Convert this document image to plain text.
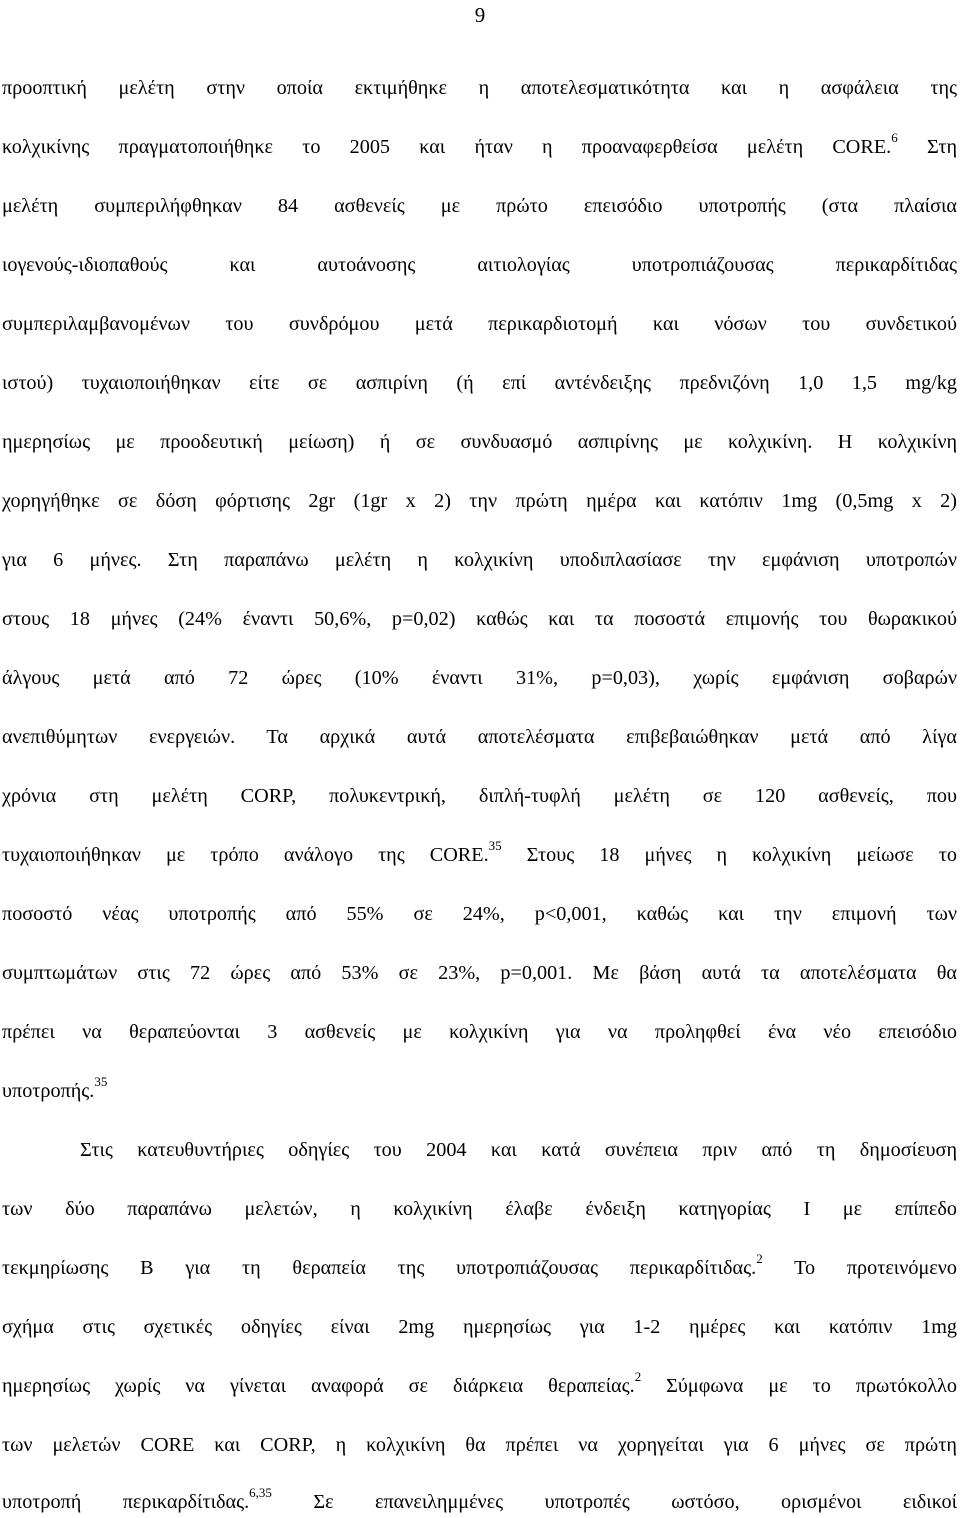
9
προοπτική μελέτη στην οποία εκτιμήθηκε η αποτελεσματικότητα και η ασφάλεια της
κολχικίνης πραγματοποιήθηκε το 2005 και ήταν η προαναφερθείσα μελέτη CORE.$^6$ Στη
μελέτη συμπεριλήφθηκαν 84 ασθενείς με πρώτο επεισόδιο υποτροπής (στα πλαίσια
ιογενούς-ιδιοπαθούς και αυτοάνοσης αιτιολογίας υποτροπιάζουσας περικαρδίτιδας
συμπεριλαμβανομένων του συνδρόμου μετά περικαρδιοτομή και νόσων του συνδετικού
ιστού) τυχαιοποιήθηκαν είτε σε ασπιρίνη (ή επί αντένδειξης πρεδνιζόνη 1,0 1,5 mg/kg
ημερησίως με προοδευτική μείωση) ή σε συνδυασμό ασπιρίνης με κολχικίνη. Η κολχικίνη
χορηγήθηκε σε δόση φόρτισης 2gr (1gr x 2) την πρώτη ημέρα και κατόπιν 1mg (0,5mg x 2)
για 6 μήνες. Στη παραπάνω μελέτη η κολχικίνη υποδιπλασίασε την εμφάνιση υποτροπών
στους 18 μήνες (24% έναντι 50,6%, p=0,02) καθώς και τα ποσοστά επιμονής του θωρακικού
άλγους μετά από 72 ώρες (10% έναντι 31%, p=0,03), χωρίς εμφάνιση σοβαρών
ανεπιθύμητων ενεργειών. Τα αρχικά αυτά αποτελέσματα επιβεβαιώθηκαν μετά από λίγα
χρόνια στη μελέτη CORP, πολυκεντρική, διπλή-τυφλή μελέτη σε 120 ασθενείς, που
τυχαιοποιήθηκαν με τρόπο ανάλογο της CORE.$^{35}$ Στους 18 μήνες η κολχικίνη μείωσε το
ποσοστό νέας υποτροπής από 55% σε 24%, p<0,001, καθώς και την επιμονή των
συμπτωμάτων στις 72 ώρες από 53% σε 23%, p=0,001. Με βάση αυτά τα αποτελέσματα θα
πρέπει να θεραπεύονται 3 ασθενείς με κολχικίνη για να προληφθεί ένα νέο επεισόδιο
υποτροπής.$^{35}$
Στις κατευθυντήριες οδηγίες του 2004 και κατά συνέπεια πριν από τη δημοσίευση
των δύο παραπάνω μελετών, η κολχικίνη έλαβε ένδειξη κατηγορίας Ι με επίπεδο
τεκμηρίωσης Β για τη θεραπεία της υποτροπιάζουσας περικαρδίτιδας.$^2$ Το προτεινόμενο
σχήμα στις σχετικές οδηγίες είναι 2mg ημερησίως για 1-2 ημέρες και κατόπιν 1mg
ημερησίως χωρίς να γίνεται αναφορά σε διάρκεια θεραπείας.$^2$ Σύμφωνα με το πρωτόκολλο
των μελετών CORE και CORP, η κολχικίνη θα πρέπει να χορηγείται για 6 μήνες σε πρώτη
υποτροπή περικαρδίτιδας.$^{6,35}$ Σε επανειλημμένες υποτροπές ωστόσο, ορισμένοι ειδικοί
